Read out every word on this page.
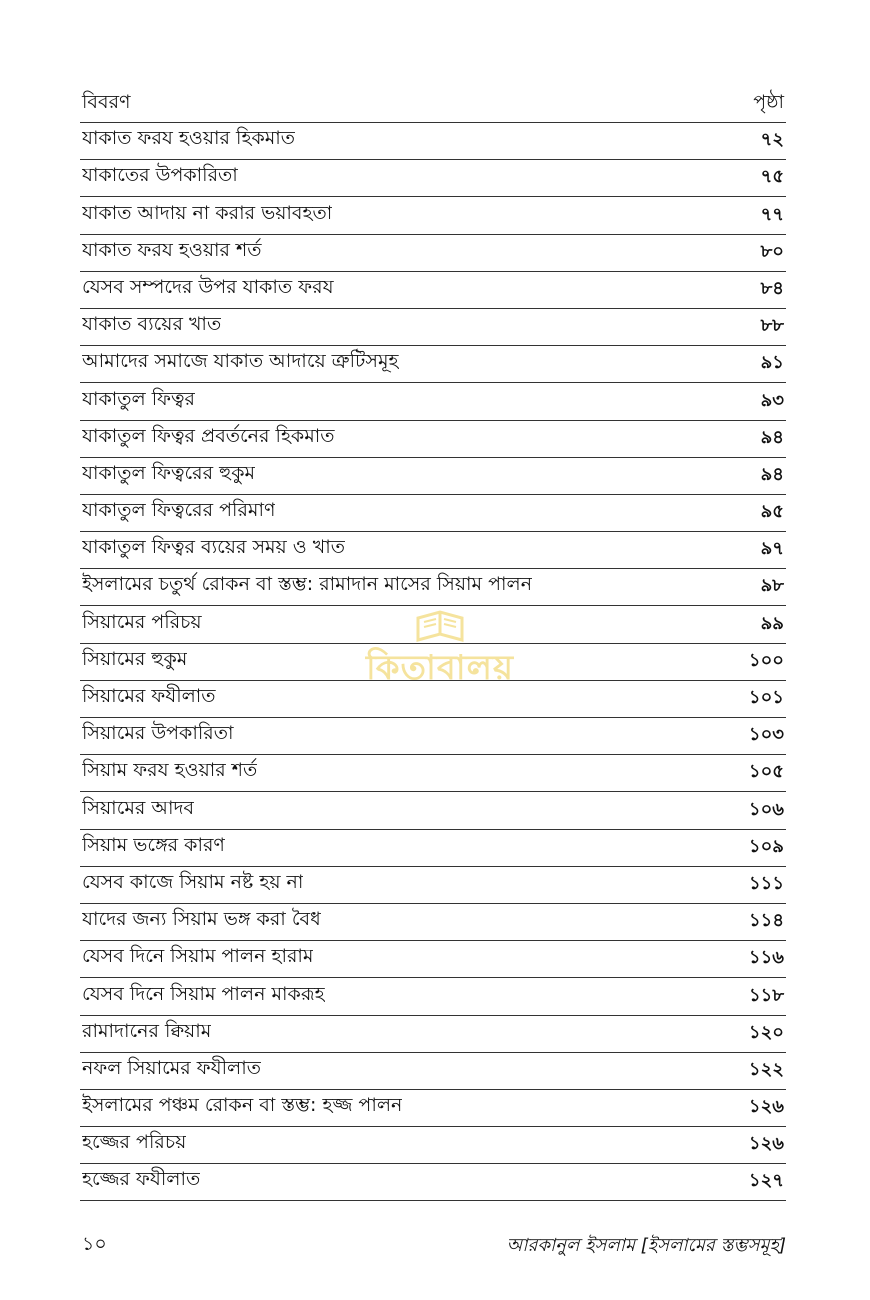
বিবরণ	পৃষ্ঠা
যাকাত ফরয হওয়ার হিকমাত	৭২
যাকাতের উপকারিতা	৭৫
যাকাত আদায় না করার ভয়াবহতা	৭৭
যাকাত ফরয হওয়ার শর্ত	৮০
যেসব সম্পদের উপর যাকাত ফরয	৮৪
যাকাত ব্যয়ের খাত	৮৮
আমাদের সমাজে যাকাত আদায়ে ত্রুটিসমূহ	৯১
যাকাতুল ফিত্বর	৯৩
যাকাতুল ফিত্বর প্রবর্তনের হিকমাত	৯৪
যাকাতুল ফিত্বরের হুকুম	৯৪
যাকাতুল ফিত্বরের পরিমাণ	৯৫
যাকাতুল ফিত্বর ব্যয়ের সময় ও খাত	৯৭
ইসলামের চতুর্থ রোকন বা স্তম্ভ: রামাদান মাসের সিয়াম পালন	৯৮
সিয়ামের পরিচয়	৯৯
সিয়ামের হুকুম	১০০
সিয়ামের ফযীলাত	১০১
সিয়ামের উপকারিতা	১০৩
সিয়াম ফরয হওয়ার শর্ত	১০৫
সিয়ামের আদব	১০৬
সিয়াম ভঙ্গের কারণ	১০৯
যেসব কাজে সিয়াম নষ্ট হয় না	১১১
যাদের জন্য সিয়াম ভঙ্গ করা বৈধ	১১৪
যেসব দিনে সিয়াম পালন হারাম	১১৬
যেসব দিনে সিয়াম পালন মাকরূহ	১১৮
রামাদানের ক্বিয়াম	১২০
নফল সিয়ামের ফযীলাত	১২২
ইসলামের পঞ্চম রোকন বা স্তম্ভ: হজ্জ পালন	১২৬
হজ্জের পরিচয়	১২৬
হজ্জের ফযীলাত	১২৭
কিতাবালয়
১০	আরকানুল ইসলাম [ইসলামের স্তম্ভসমূহ]
